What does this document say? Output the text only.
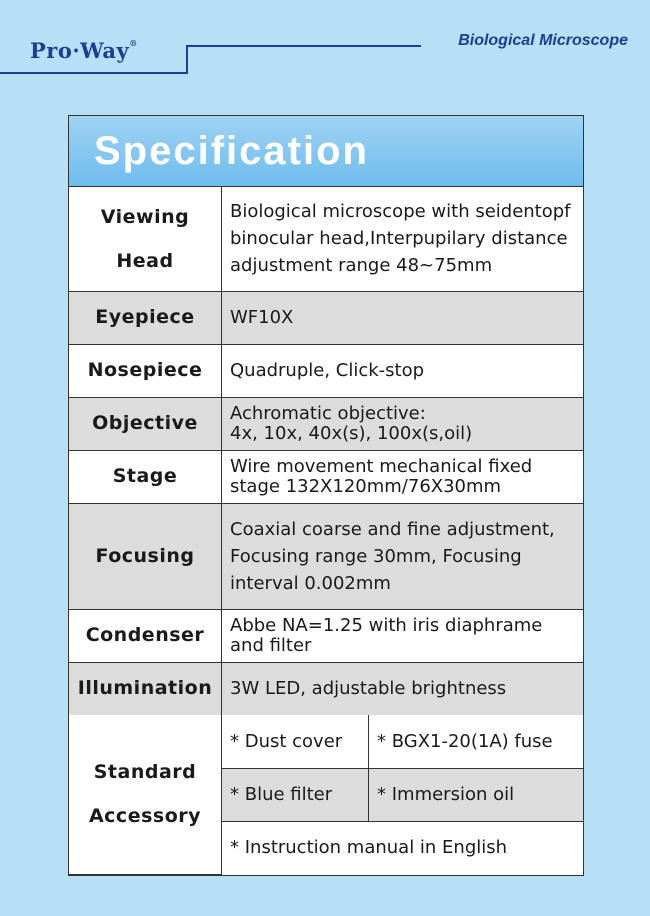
Pro·Way®	Biological Microscope
Specification
Viewing
Head	Biological microscope with seidentopf
binocular head,Interpupilary distance
adjustment range 48~75mm
Eyepiece	WF10X
Nosepiece	Quadruple, Click-stop
Objective	Achromatic objective:
4x, 10x, 40x(s), 100x(s,oil)
Stage	Wire movement mechanical fixed
stage 132X120mm/76X30mm
Focusing	Coaxial coarse and fine adjustment,
Focusing range 30mm, Focusing
interval 0.002mm
Condenser	Abbe NA=1.25 with iris diaphrame
and filter
Illumination	3W LED, adjustable brightness
Standard
Accessory	* Dust cover	* BGX1-20(1A) fuse
	* Blue filter	* Immersion oil
	* Instruction manual in English	
